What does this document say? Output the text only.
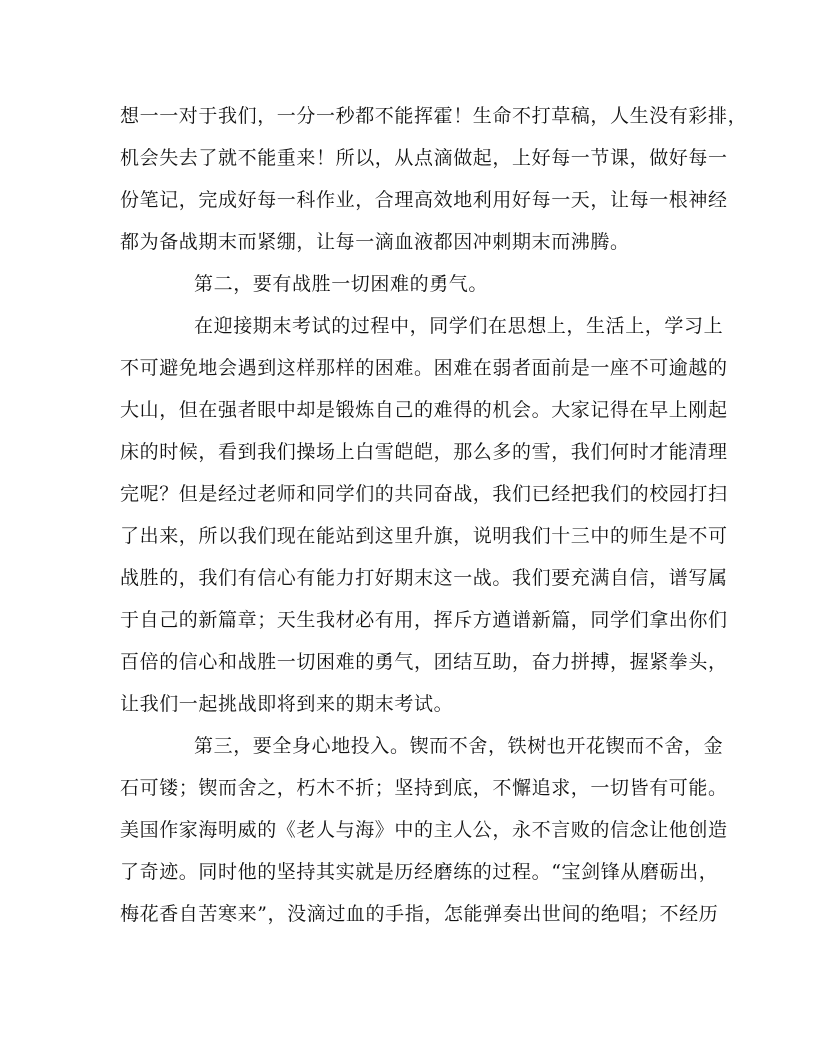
想一一对于我们，一分一秒都不能挥霍！生命不打草稿，人生没有彩排，
机会失去了就不能重来！所以，从点滴做起，上好每一节课，做好每一
份笔记，完成好每一科作业，合理高效地利用好每一天，让每一根神经
都为备战期末而紧绷，让每一滴血液都因冲刺期末而沸腾。
第二，要有战胜一切困难的勇气。
在迎接期末考试的过程中，同学们在思想上，生活上，学习上
不可避免地会遇到这样那样的困难。困难在弱者面前是一座不可逾越的
大山，但在强者眼中却是锻炼自己的难得的机会。大家记得在早上刚起
床的时候，看到我们操场上白雪皑皑，那么多的雪，我们何时才能清理
完呢？但是经过老师和同学们的共同奋战，我们已经把我们的校园打扫
了出来，所以我们现在能站到这里升旗，说明我们十三中的师生是不可
战胜的，我们有信心有能力打好期末这一战。我们要充满自信，谱写属
于自己的新篇章；天生我材必有用，挥斥方遒谱新篇，同学们拿出你们
百倍的信心和战胜一切困难的勇气，团结互助，奋力拼搏，握紧拳头，
让我们一起挑战即将到来的期末考试。
第三，要全身心地投入。锲而不舍，铁树也开花锲而不舍，金
石可镂；锲而舍之，朽木不折；坚持到底，不懈追求，一切皆有可能。
美国作家海明威的《老人与海》中的主人公，永不言败的信念让他创造
了奇迹。同时他的坚持其实就是历经磨练的过程。“宝剑锋从磨砺出，
梅花香自苦寒来”，没滴过血的手指，怎能弹奏出世间的绝唱；不经历
